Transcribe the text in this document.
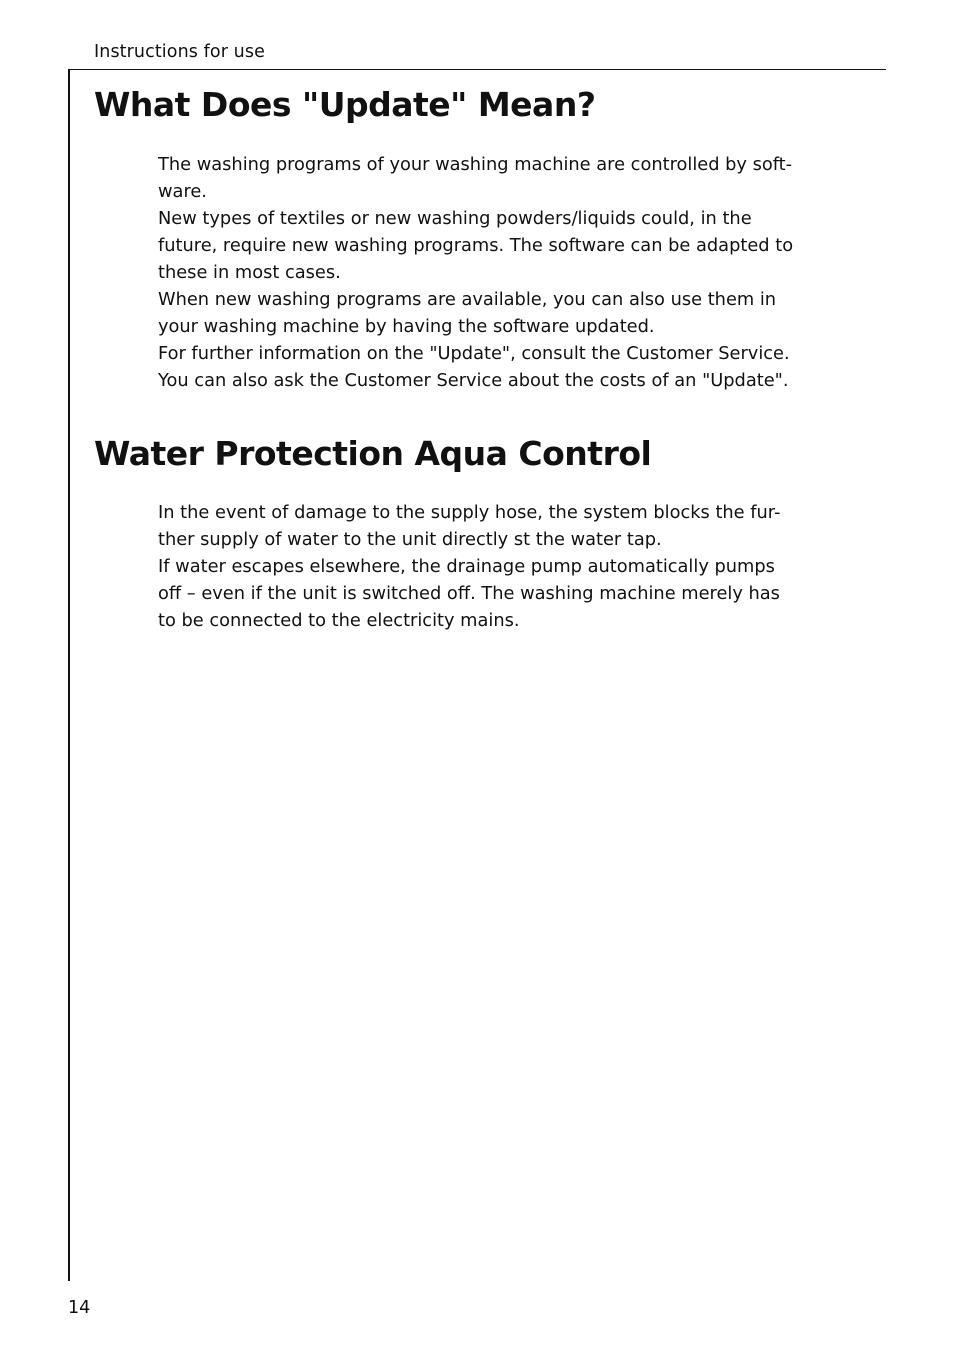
Instructions for use
What Does "Update" Mean?

The washing programs of your washing machine are controlled by soft-

ware.

New types of textiles or new washing powders/liquids could, in the

future, require new washing programs. The software can be adapted to

these in most cases.

When new washing programs are available, you can also use them in

your washing machine by having the software updated.

For further information on the "Update", consult the Customer Service.

You can also ask the Customer Service about the costs of an "Update".

Water Protection Aqua Control

In the event of damage to the supply hose, the system blocks the fur-

ther supply of water to the unit directly st the water tap.

If water escapes elsewhere, the drainage pump automatically pumps

off – even if the unit is switched off. The washing machine merely has

to be connected to the electricity mains.

14
